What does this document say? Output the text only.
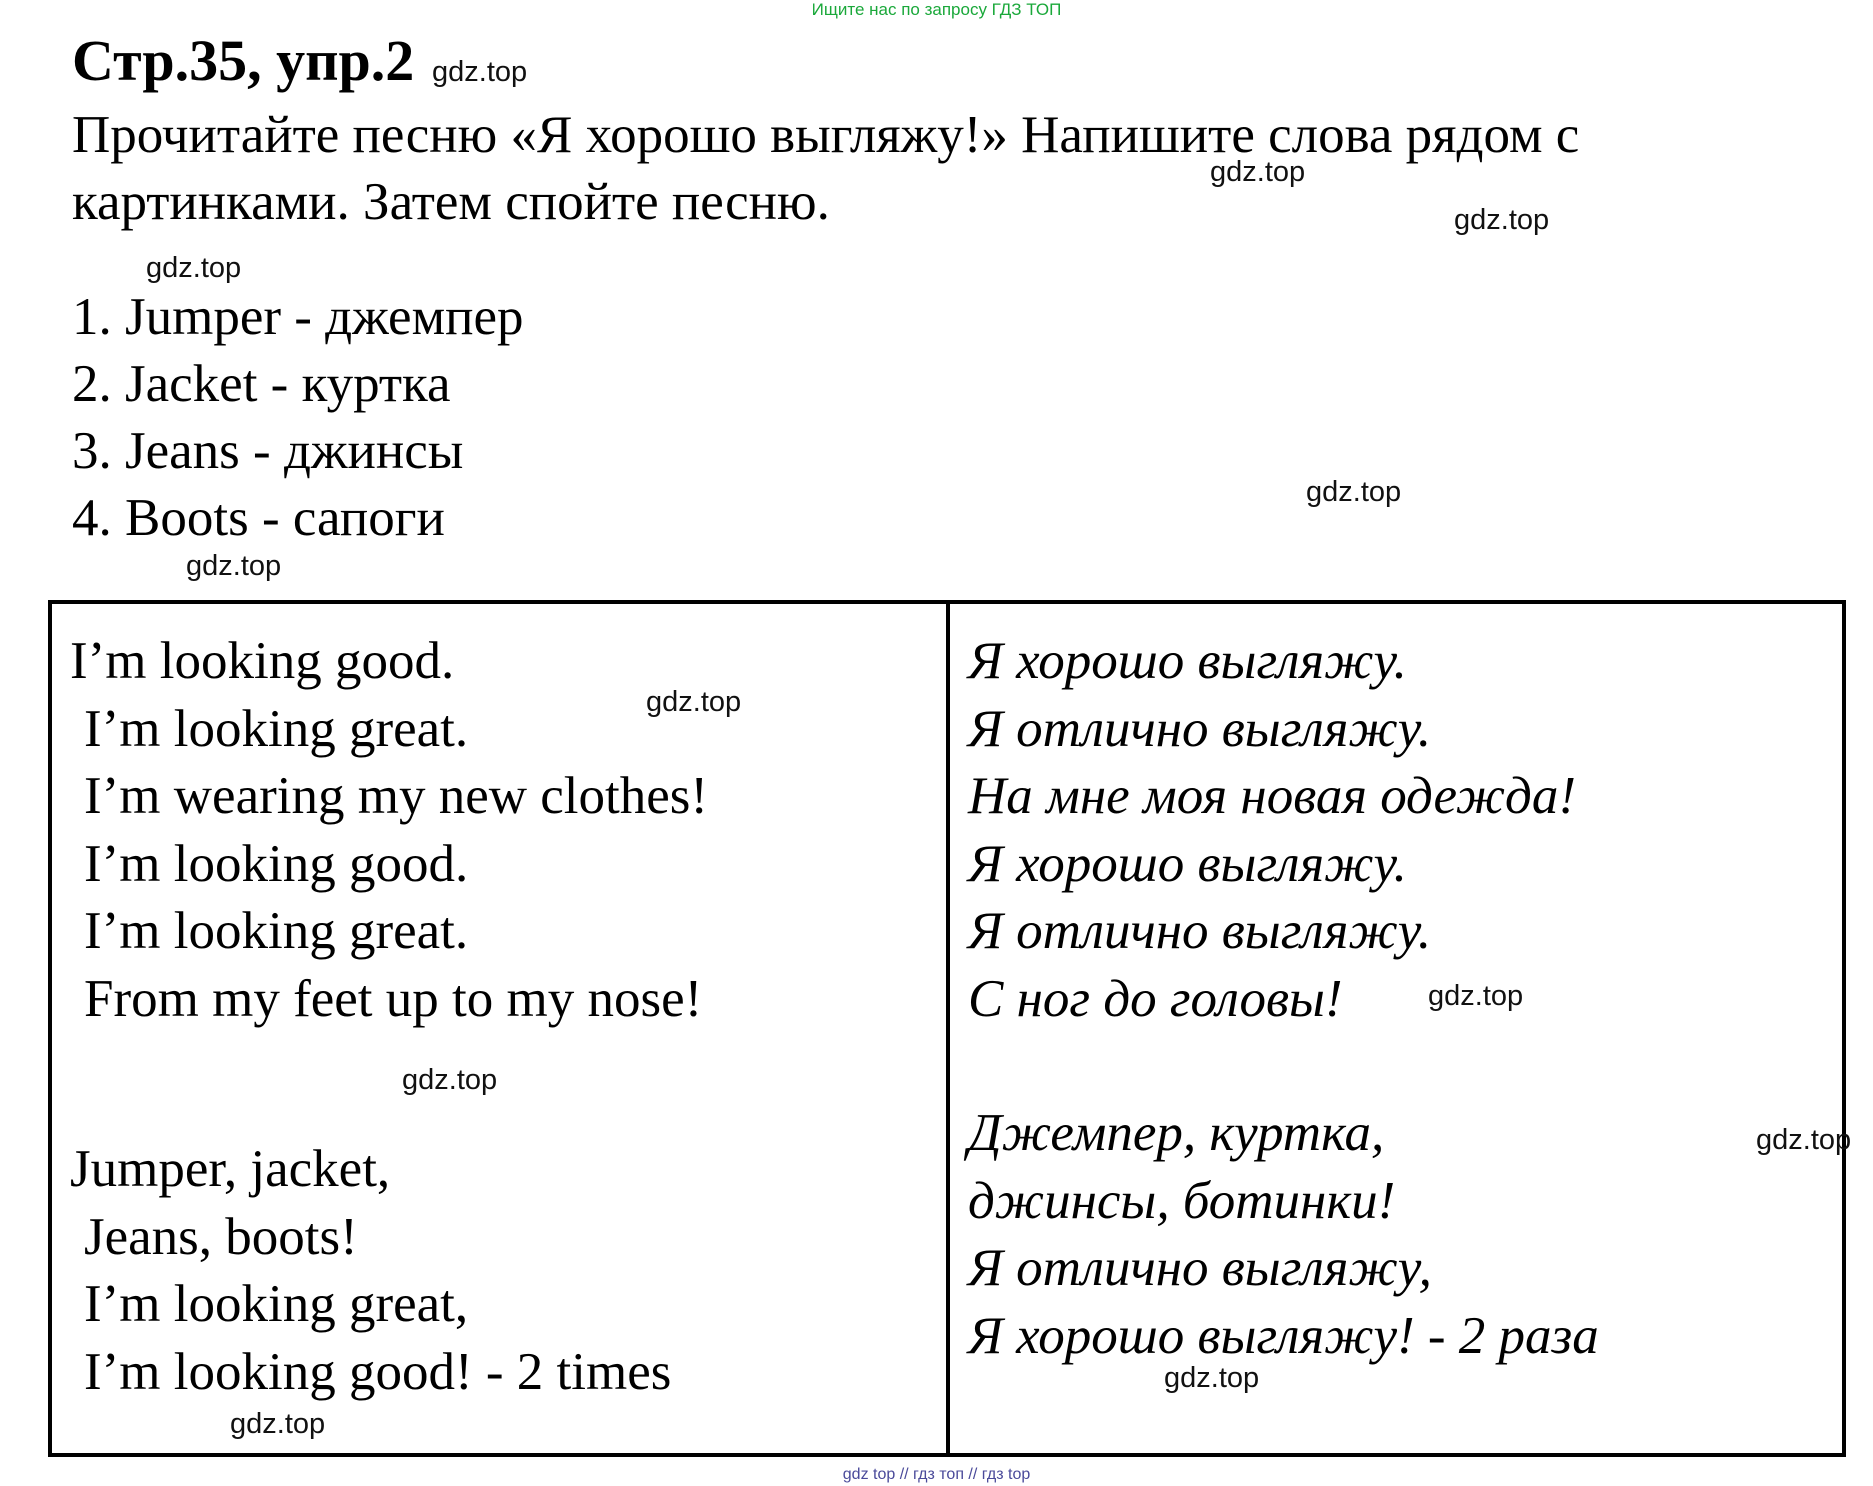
Ищите нас по запросу ГДЗ ТОП
Стр.35, упр.2 gdz.top
Прочитайте песню «Я хорошо выгляжу!» Напишите слова рядом с
картинками. Затем спойте песню.
gdz.top
gdz.top
gdz.top
1. Jumper - джемпер
2. Jacket - куртка
3. Jeans - джинсы
4. Boots - сапоги	gdz.top
gdz.top
I’m looking good.
I’m looking great.
I’m wearing my new clothes!
I’m looking good.
I’m looking great.
From my feet up to my nose!
gdz.top
gdz.top
Jumper, jacket,
Jeans, boots!
I’m looking great,
I’m looking good! - 2 times
gdz.top
Я хорошо выгляжу.
Я отлично выгляжу.
На мне моя новая одежда!
Я хорошо выгляжу.
Я отлично выгляжу.
С ног до головы!	gdz.top
gdz.top
Джемпер, куртка,
джинсы, ботинки!
Я отлично выгляжу,
Я хорошо выгляжу! - 2 раза
gdz.top
gdz top // гдз топ // гдз top
